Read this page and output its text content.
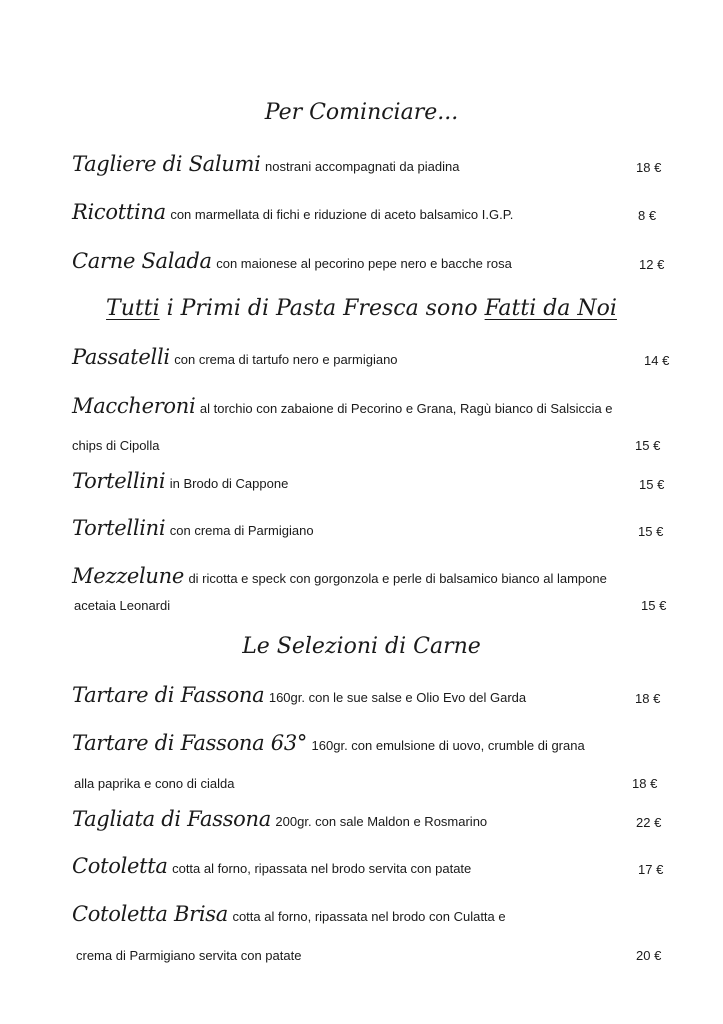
Per Cominciare...
Tagliere di Salumi nostrani accompagnati da piadina	18 €
Ricottina con marmellata di fichi e riduzione di aceto balsamico I.G.P.	8 €
Carne Salada con maionese al pecorino pepe nero e bacche rosa	12 €
Tutti i Primi di Pasta Fresca sono Fatti da Noi
Passatelli con crema di tartufo nero e parmigiano	14 €
Maccheroni al torchio con zabaione di Pecorino e Grana, Ragù bianco di Salsiccia e
chips di Cipolla	15 €
Tortellini in Brodo di Cappone	15 €
Tortellini con crema di Parmigiano	15 €
Mezzelune di ricotta e speck con gorgonzola e perle di balsamico bianco al lampone
acetaia Leonardi	15 €
Le Selezioni di Carne
Tartare di Fassona 160gr. con le sue salse e Olio Evo del Garda	18 €
Tartare di Fassona 63° 160gr. con emulsione di uovo, crumble di grana
alla paprika e cono di cialda	18 €
Tagliata di Fassona 200gr. con sale Maldon e Rosmarino	22 €
Cotoletta cotta al forno, ripassata nel brodo servita con patate	17 €
Cotoletta Brisa cotta al forno, ripassata nel brodo con Culatta e
crema di Parmigiano servita con patate	20 €
